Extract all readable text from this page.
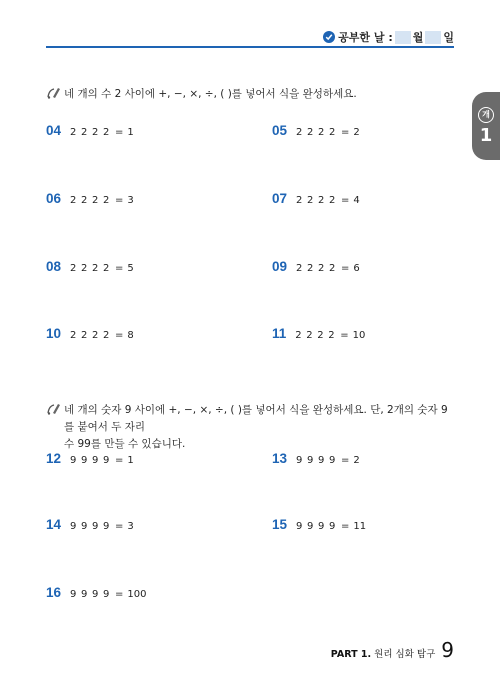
공부한 날 : 월 일
개
1
네 개의 수 2 사이에 +, −, ×, ÷, ( )를 넣어서 식을 완성하세요.
04 2 2 2 2 = 1	05 2 2 2 2 = 2
06 2 2 2 2 = 3	07 2 2 2 2 = 4
08 2 2 2 2 = 5	09 2 2 2 2 = 6
10 2 2 2 2 = 8	11 2 2 2 2 = 10
네 개의 숫자 9 사이에 +, −, ×, ÷, ( )를 넣어서 식을 완성하세요. 단, 2개의 숫자 9를 붙여서 두 자리
수 99를 만들 수 있습니다.
12 9 9 9 9 = 1	13 9 9 9 9 = 2
14 9 9 9 9 = 3	15 9 9 9 9 = 11
16 9 9 9 9 = 100
PART 1. 원리 심화 탐구 9
